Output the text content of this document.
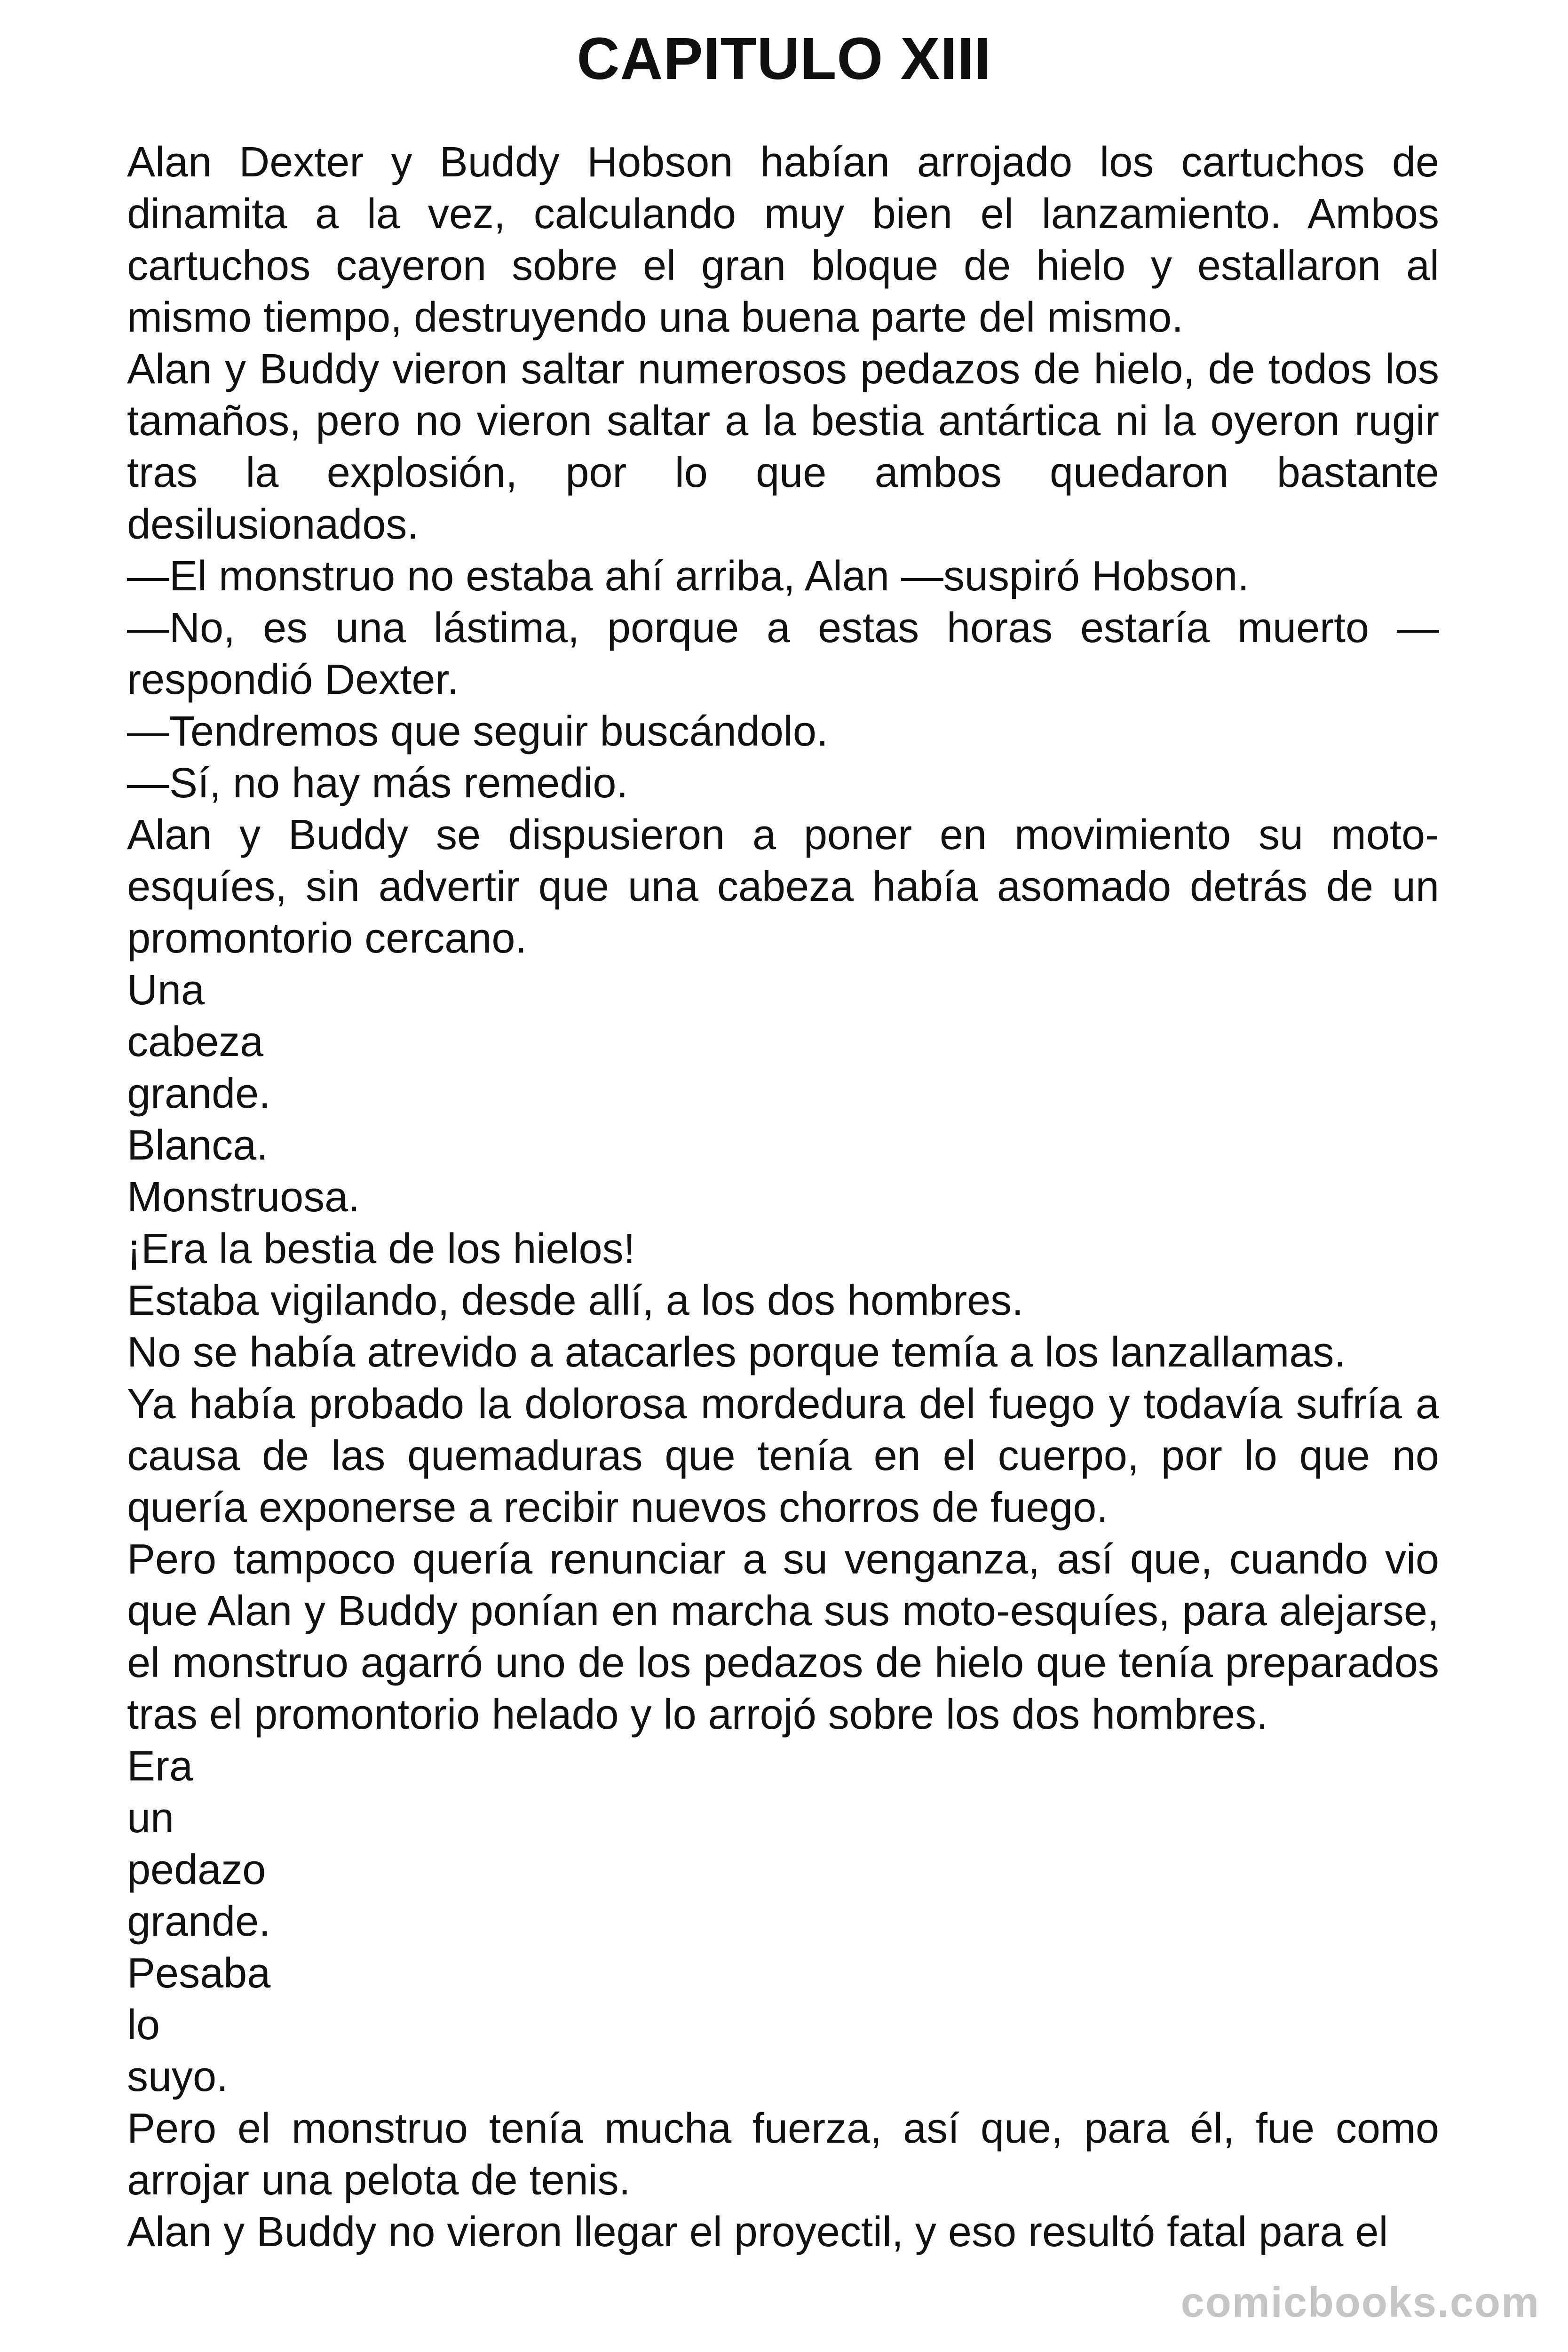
CAPITULO XIII

Alan Dexter y Buddy Hobson habían arrojado los cartuchos de dinamita a la vez, calculando muy bien el lanzamiento. Ambos cartuchos cayeron sobre el gran bloque de hielo y estallaron al mismo tiempo, destruyendo una buena parte del mismo.

Alan y Buddy vieron saltar numerosos pedazos de hielo, de todos los tamaños, pero no vieron saltar a la bestia antártica ni la oyeron rugir tras la explosión, por lo que ambos quedaron bastante desilusionados.

—El monstruo no estaba ahí arriba, Alan —suspiró Hobson.

—No, es una lástima, porque a estas horas estaría muerto —respondió Dexter.

—Tendremos que seguir buscándolo.

—Sí, no hay más remedio.

Alan y Buddy se dispusieron a poner en movimiento su moto-esquíes, sin advertir que una cabeza había asomado detrás de un promontorio cercano.

Una

cabeza

grande.

Blanca.

Monstruosa.

¡Era la bestia de los hielos!

Estaba vigilando, desde allí, a los dos hombres.

No se había atrevido a atacarles porque temía a los lanzallamas.

Ya había probado la dolorosa mordedura del fuego y todavía sufría a causa de las quemaduras que tenía en el cuerpo, por lo que no quería exponerse a recibir nuevos chorros de fuego.

Pero tampoco quería renunciar a su venganza, así que, cuando vio que Alan y Buddy ponían en marcha sus moto-esquíes, para alejarse, el monstruo agarró uno de los pedazos de hielo que tenía preparados tras el promontorio helado y lo arrojó sobre los dos hombres.

Era

un

pedazo

grande.

Pesaba

lo

suyo.

Pero el monstruo tenía mucha fuerza, así que, para él, fue como arrojar una pelota de tenis.

Alan y Buddy no vieron llegar el proyectil, y eso resultó fatal para el

comicbooks.com
